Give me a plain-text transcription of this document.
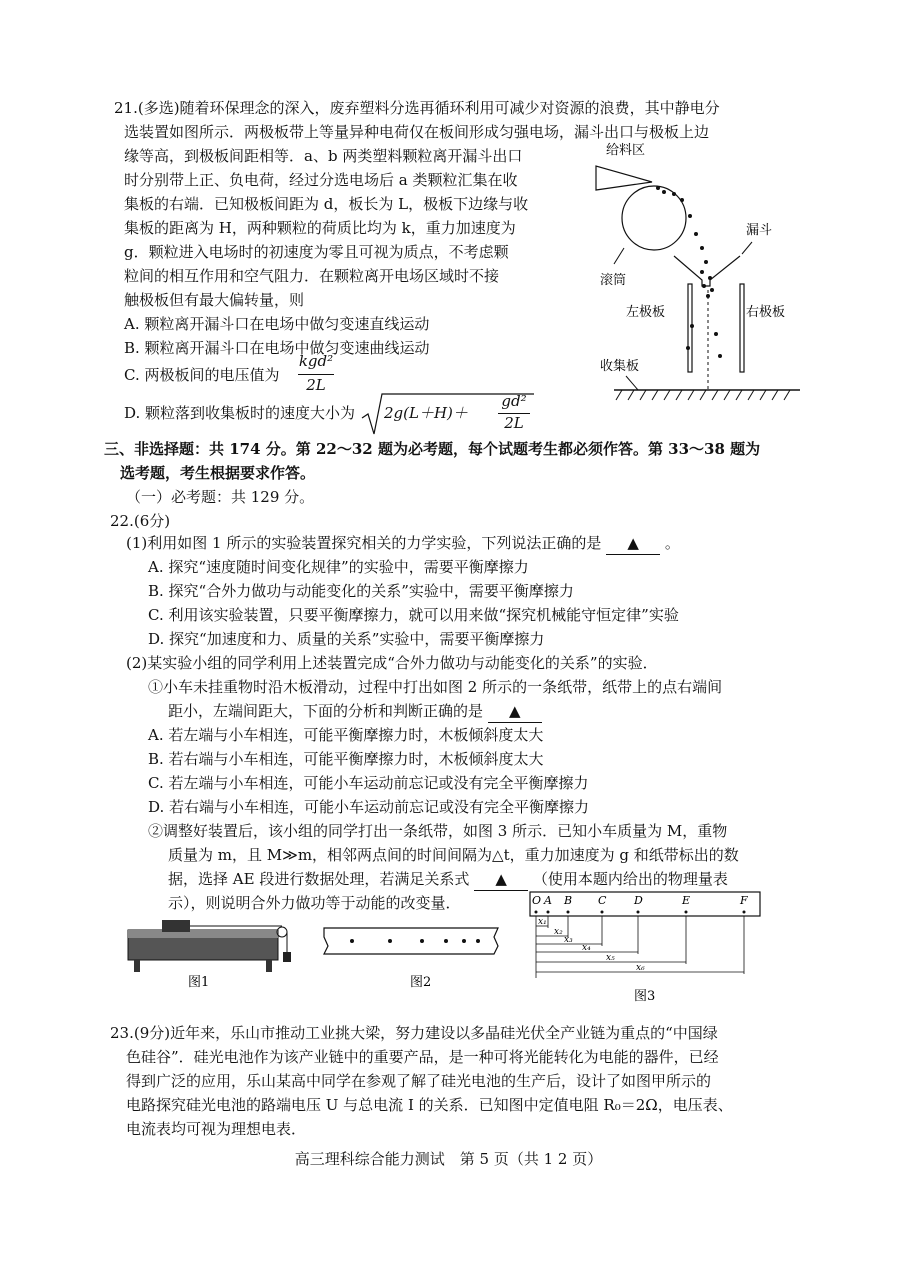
21.(多选)随着环保理念的深入，废弃塑料分选再循环利用可减少对资源的浪费，其中静电分
选装置如图所示．两极板带上等量异种电荷仅在板间形成匀强电场，漏斗出口与极板上边
缘等高，到极板间距相等．a、b 两类塑料颗粒离开漏斗出口
时分别带上正、负电荷，经过分选电场后 a 类颗粒汇集在收
集板的右端．已知极板间距为 d，板长为 L，极板下边缘与收
集板的距离为 H，两种颗粒的荷质比均为 k，重力加速度为
g．颗粒进入电场时的初速度为零且可视为质点，不考虑颗
粒间的相互作用和空气阻力．在颗粒离开电场区域时不接
触极板但有最大偏转量，则
A. 颗粒离开漏斗口在电场中做匀变速直线运动
B. 颗粒离开漏斗口在电场中做匀变速曲线运动
C. 两极板间的电压值为
kgd²
2L
D. 颗粒落到收集板时的速度大小为 2g(L＋H)＋
gd²
2L
给料区
滚筒
漏斗
左极板	右极板
收集板
三、非选择题：共 174 分。第 22～32 题为必考题，每个试题考生都必须作答。第 33～38 题为
选考题，考生根据要求作答。
（一）必考题：共 129 分。
22.(6分)
(1)利用如图 1 所示的实验装置探究相关的力学实验，下列说法正确的是 ▲ 。
A. 探究“速度随时间变化规律”的实验中，需要平衡摩擦力
B. 探究“合外力做功与动能变化的关系”实验中，需要平衡摩擦力
C. 利用该实验装置，只要平衡摩擦力，就可以用来做“探究机械能守恒定律”实验
D. 探究“加速度和力、质量的关系”实验中，需要平衡摩擦力
(2)某实验小组的同学利用上述装置完成“合外力做功与动能变化的关系”的实验．
①小车未挂重物时沿木板滑动，过程中打出如图 2 所示的一条纸带，纸带上的点右端间
距小，左端间距大，下面的分析和判断正确的是 ▲
A. 若左端与小车相连，可能平衡摩擦力时，木板倾斜度太大
B. 若右端与小车相连，可能平衡摩擦力时，木板倾斜度太大
C. 若左端与小车相连，可能小车运动前忘记或没有完全平衡摩擦力
D. 若右端与小车相连，可能小车运动前忘记或没有完全平衡摩擦力
②调整好装置后，该小组的同学打出一条纸带，如图 3 所示．已知小车质量为 M，重物
质量为 m，且 M≫m，相邻两点间的时间间隔为△t，重力加速度为 g 和纸带标出的数
据，选择 AE 段进行数据处理，若满足关系式 ▲ （使用本题内给出的物理量表
示），则说明合外力做功等于动能的改变量．
图1	图2
O A B C	D	E	F
x₁
x₂
x₃
x₄
x₅
x₆
图3
23.(9分)近年来，乐山市推动工业挑大梁，努力建设以多晶硅光伏全产业链为重点的“中国绿
色硅谷”．硅光电池作为该产业链中的重要产品，是一种可将光能转化为电能的器件，已经
得到广泛的应用，乐山某高中同学在参观了解了硅光电池的生产后，设计了如图甲所示的
电路探究硅光电池的路端电压 U 与总电流 I 的关系．已知图中定值电阻 R₀＝2Ω，电压表、
电流表均可视为理想电表．
高三理科综合能力测试　第 5 页（共 1 2 页）
